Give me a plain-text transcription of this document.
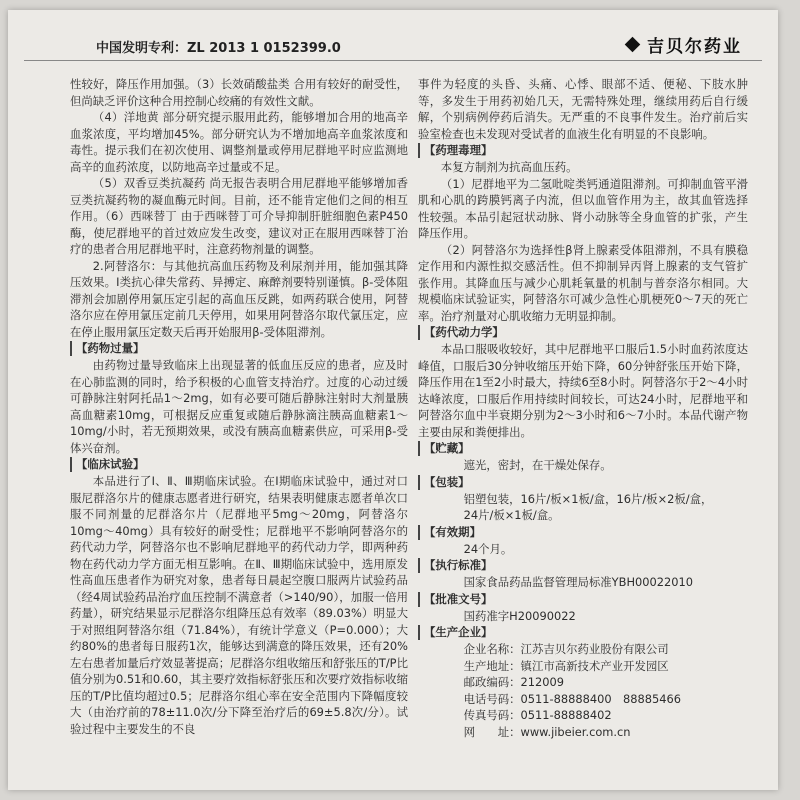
中国发明专利：ZL 2013 1 0152399.0	吉贝尔药业

性较好，降压作用加强。（3）长效硝酸盐类 合用有较好的耐受性，但尚缺乏评价这种合用控制心绞痛的有效性文献。

（4）洋地黄 部分研究提示服用此药，能够增加合用的地高辛血浆浓度，平均增加45%。部分研究认为不增加地高辛血浆浓度和毒性。提示我们在初次使用、调整剂量或停用尼群地平时应监测地高辛的血药浓度，以防地高辛过量或不足。

（5）双香豆类抗凝药 尚无报告表明合用尼群地平能够增加香豆类抗凝药物的凝血酶元时间。目前，还不能肯定他们之间的相互作用。（6）西咪替丁 由于西咪替丁可介导抑制肝脏细胞色素P450酶，使尼群地平的首过效应发生改变，建议对正在服用西咪替丁治疗的患者合用尼群地平时，注意药物剂量的调整。

2.阿替洛尔：与其他抗高血压药物及利尿剂并用，能加强其降压效果。I类抗心律失常药、异搏定、麻醉剂要特别谨慎。β-受体阻滞剂会加剧停用氯压定引起的高血压反跳，如两药联合使用，阿替洛尔应在停用氯压定前几天停用，如果用阿替洛尔取代氯压定，应在停止服用氯压定数天后再开始服用β-受体阻滞剂。

【药物过量】

由药物过量导致临床上出现显著的低血压反应的患者，应及时在心肺监测的同时，给予积极的心血管支持治疗。过度的心动过缓可静脉注射阿托品1～2mg，如有必要可随后静脉注射时大剂量胰高血糖素10mg，可根据反应重复或随后静脉滴注胰高血糖素1～10mg/小时，若无预期效果，或没有胰高血糖素供应，可采用β-受体兴奋剂。

【临床试验】

本品进行了Ⅰ、Ⅱ、Ⅲ期临床试验。在Ⅰ期临床试验中，通过对口服尼群洛尔片的健康志愿者进行研究，结果表明健康志愿者单次口服不同剂量的尼群洛尔片（尼群地平5mg～20mg，阿替洛尔10mg～40mg）具有较好的耐受性；尼群地平不影响阿替洛尔的药代动力学，阿替洛尔也不影响尼群地平的药代动力学，即两种药物在药代动力学方面无相互影响。在Ⅱ、Ⅲ期临床试验中，选用原发性高血压患者作为研究对象，患者每日晨起空腹口服两片试验药品（经4周试验药品治疗血压控制不满意者（>140/90），加服一倍用药量），研究结果显示尼群洛尔组降压总有效率（89.03%）明显大于对照组阿替洛尔组（71.84%），有统计学意义（P=0.000）；大约80%的患者每日服药1次，能够达到满意的降压效果，还有20%左右患者加量后疗效显著提高；尼群洛尔组收缩压和舒张压的T/P比值分别为0.51和0.60，其主要疗效指标舒张压和次要疗效指标收缩压的T/P比值均超过0.5；尼群洛尔组心率在安全范围内下降幅度较大（由治疗前的78±11.0次/分下降至治疗后的69±5.8次/分）。试验过程中主要发生的不良

事件为轻度的头昏、头痛、心悸、眼部不适、便秘、下肢水肿等，多发生于用药初始几天，无需特殊处理，继续用药后自行缓解，个别病例停药后消失。无严重的不良事件发生。治疗前后实验室检查也未发现对受试者的血液生化有明显的不良影响。

【药理毒理】

本复方制剂为抗高血压药。

（1）尼群地平为二氢吡啶类钙通道阻滞剂。可抑制血管平滑肌和心肌的跨膜钙离子内流，但以血管作用为主，故其血管选择性较强。本品引起冠状动脉、肾小动脉等全身血管的扩张，产生降压作用。

（2）阿替洛尔为选择性β肾上腺素受体阻滞剂，不具有膜稳定作用和内源性拟交感活性。但不抑制异丙肾上腺素的支气管扩张作用。其降血压与减少心肌耗氧量的机制与普奈洛尔相同。大规模临床试验证实，阿替洛尔可减少急性心肌梗死0～7天的死亡率。治疗剂量对心肌收缩力无明显抑制。

【药代动力学】

本品口服吸收较好，其中尼群地平口服后1.5小时血药浓度达峰值，口服后30分钟收缩压开始下降，60分钟舒张压开始下降，降压作用在1至2小时最大，持续6至8小时。阿替洛尔于2～4小时达峰浓度，口服后作用持续时间较长，可达24小时，尼群地平和阿替洛尔血中半衰期分别为2～3小时和6～7小时。本品代谢产物主要由尿和粪便排出。

【贮藏】

遮光，密封，在干燥处保存。

【包装】

铝塑包装，16片/板×1板/盒，16片/板×2板/盒，

24片/板×1板/盒。

【有效期】

24个月。

【执行标准】

国家食品药品监督管理局标准YBH00022010

【批准文号】

国药准字H20090022

【生产企业】

企业名称：江苏吉贝尔药业股份有限公司

生产地址：镇江市高新技术产业开发园区

邮政编码：212009

电话号码：0511-88888400　88885466

传真号码：0511-88888402

网　　址：www.jibeier.com.cn
